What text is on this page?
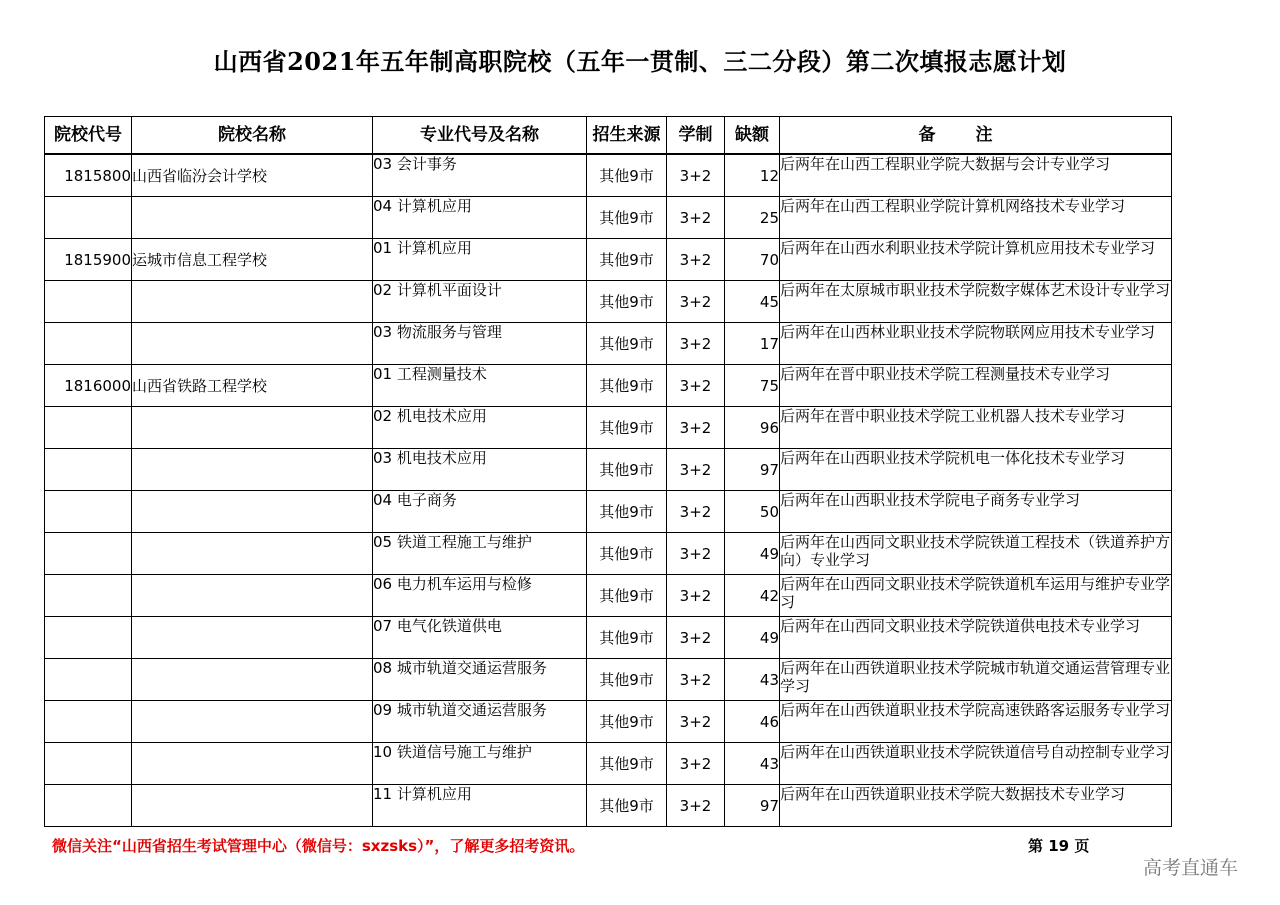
山西省2021年五年制高职院校（五年一贯制、三二分段）第二次填报志愿计划
院校代号	院校名称	专业代号及名称	招生来源	学制	缺额	备注
1815800	山西省临汾会计学校	03 会计事务	其他9市	3+2	12	后两年在山西工程职业学院大数据与会计专业学习
		04 计算机应用	其他9市	3+2	25	后两年在山西工程职业学院计算机网络技术专业学习
1815900	运城市信息工程学校	01 计算机应用	其他9市	3+2	70	后两年在山西水利职业技术学院计算机应用技术专业学习
		02 计算机平面设计	其他9市	3+2	45	后两年在太原城市职业技术学院数字媒体艺术设计专业学习
		03 物流服务与管理	其他9市	3+2	17	后两年在山西林业职业技术学院物联网应用技术专业学习
1816000	山西省铁路工程学校	01 工程测量技术	其他9市	3+2	75	后两年在晋中职业技术学院工程测量技术专业学习
		02 机电技术应用	其他9市	3+2	96	后两年在晋中职业技术学院工业机器人技术专业学习
		03 机电技术应用	其他9市	3+2	97	后两年在山西职业技术学院机电一体化技术专业学习
		04 电子商务	其他9市	3+2	50	后两年在山西职业技术学院电子商务专业学习
		05 铁道工程施工与维护	其他9市	3+2	49	后两年在山西同文职业技术学院铁道工程技术（铁道养护方向）专业学习
		06 电力机车运用与检修	其他9市	3+2	42	后两年在山西同文职业技术学院铁道机车运用与维护专业学习
		07 电气化铁道供电	其他9市	3+2	49	后两年在山西同文职业技术学院铁道供电技术专业学习
		08 城市轨道交通运营服务	其他9市	3+2	43	后两年在山西铁道职业技术学院城市轨道交通运营管理专业学习
		09 城市轨道交通运营服务	其他9市	3+2	46	后两年在山西铁道职业技术学院高速铁路客运服务专业学习
		10 铁道信号施工与维护	其他9市	3+2	43	后两年在山西铁道职业技术学院铁道信号自动控制专业学习
		11 计算机应用	其他9市	3+2	97	后两年在山西铁道职业技术学院大数据技术专业学习
微信关注“山西省招生考试管理中心（微信号：sxzsks）”，了解更多招考资讯。	第 19 页
高考直通车
